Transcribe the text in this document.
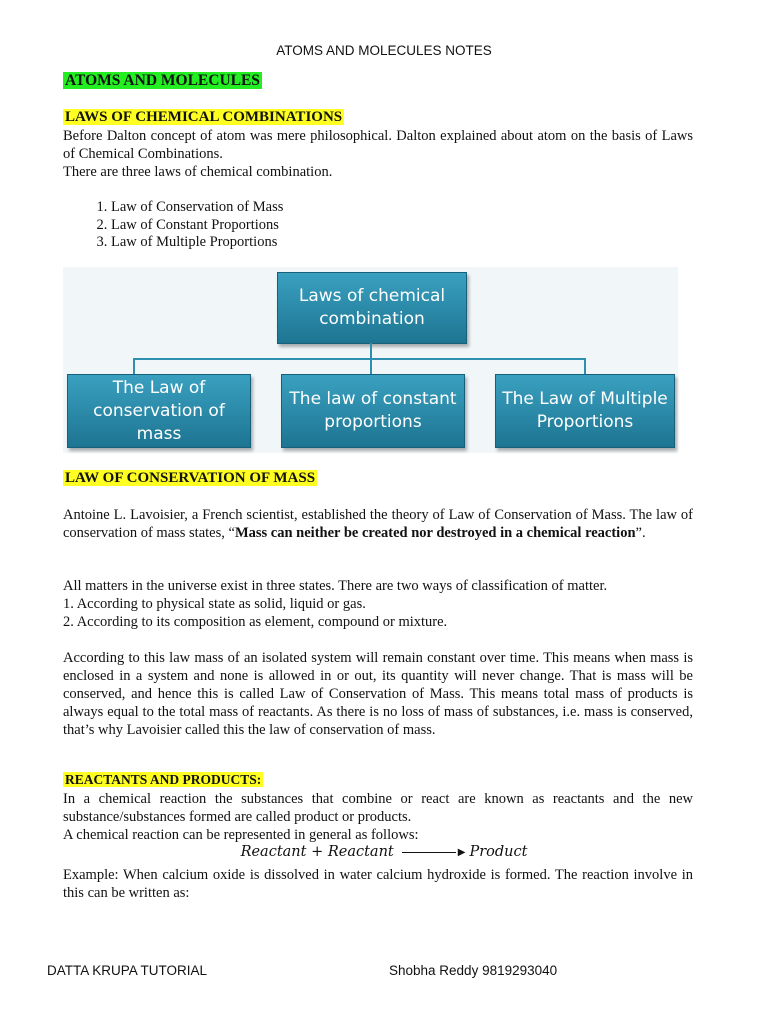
ATOMS AND MOLECULES NOTES
ATOMS AND MOLECULES
LAWS OF CHEMICAL COMBINATIONS

Before Dalton concept of atom was mere philosophical. Dalton explained about atom on the basis of Laws of Chemical Combinations.

There are three laws of chemical combination.

1. Law of Conservation of Mass
2. Law of Constant Proportions
3. Law of Multiple Proportions
Laws of chemical combination
The Law of conservation of mass
The law of constant proportions
The Law of Multiple Proportions
LAW OF CONSERVATION OF MASS

Antoine L. Lavoisier, a French scientist, established the theory of Law of Conservation of Mass. The law of conservation of mass states, “Mass can neither be created nor destroyed in a chemical reaction”.

All matters in the universe exist in three states. There are two ways of classification of matter.

1. According to physical state as solid, liquid or gas.

2. According to its composition as element, compound or mixture.

According to this law mass of an isolated system will remain constant over time. This means when mass is enclosed in a system and none is allowed in or out, its quantity will never change. That is mass will be conserved, and hence this is called Law of Conservation of Mass. This means total mass of products is always equal to the total mass of reactants. As there is no loss of mass of substances, i.e. mass is conserved, that’s why Lavoisier called this the law of conservation of mass.

REACTANTS AND PRODUCTS:

In a chemical reaction the substances that combine or react are known as reactants and the new substance/substances formed are called product or products.

A chemical reaction can be represented in general as follows:

Reactant + Reactant	▶ Product

Example: When calcium oxide is dissolved in water calcium hydroxide is formed. The reaction involve in this can be written as:

DATTA KRUPA TUTORIAL	Shobha Reddy 9819293040
